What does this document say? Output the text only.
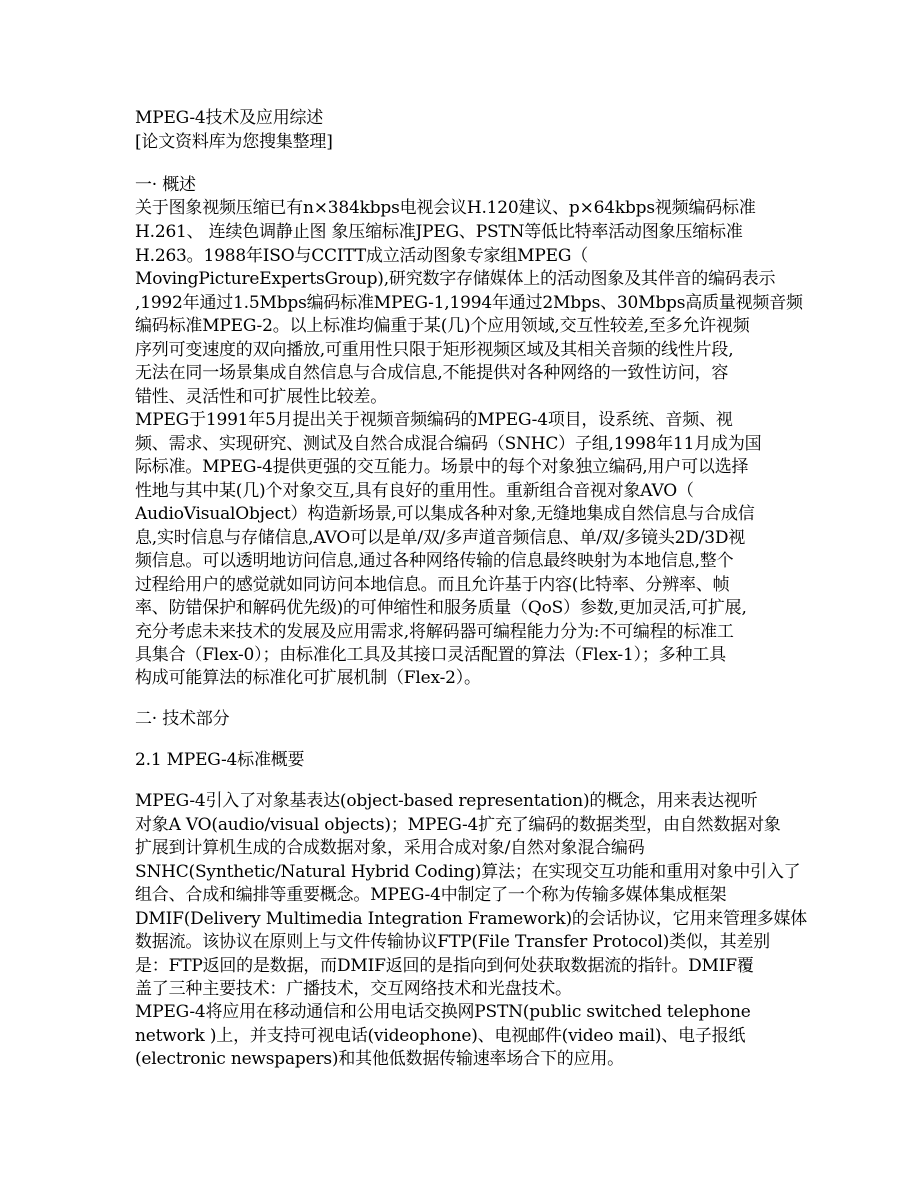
MPEG-4技术及应用综述
[论文资料库为您搜集整理]
一· 概述
关于图象视频压缩已有n×384kbps电视会议H.120建议、p×64kbps视频编码标准
H.261、 连续色调静止图 象压缩标准JPEG、PSTN等低比特率活动图象压缩标准
H.263。1988年ISO与CCITT成立活动图象专家组MPEG（
MovingPictureExpertsGroup),研究数字存储媒体上的活动图象及其伴音的编码表示
,1992年通过1.5Mbps编码标准MPEG-1,1994年通过2Mbps、30Mbps高质量视频音频
编码标准MPEG-2。以上标准均偏重于某(几)个应用领域,交互性较差,至多允许视频
序列可变速度的双向播放,可重用性只限于矩形视频区域及其相关音频的线性片段,
无法在同一场景集成自然信息与合成信息,不能提供对各种网络的一致性访问，容
错性、灵活性和可扩展性比较差。
MPEG于1991年5月提出关于视频音频编码的MPEG-4项目，设系统、音频、视
频、需求、实现研究、测试及自然合成混合编码（SNHC）子组,1998年11月成为国
际标准。MPEG-4提供更强的交互能力。场景中的每个对象独立编码,用户可以选择
性地与其中某(几)个对象交互,具有良好的重用性。重新组合音视对象AVO（
AudioVisualObject）构造新场景,可以集成各种对象,无缝地集成自然信息与合成信
息,实时信息与存储信息,AVO可以是单/双/多声道音频信息、单/双/多镜头2D/3D视
频信息。可以透明地访问信息,通过各种网络传输的信息最终映射为本地信息,整个
过程给用户的感觉就如同访问本地信息。而且允许基于内容(比特率、分辨率、帧
率、防错保护和解码优先级)的可伸缩性和服务质量（QoS）参数,更加灵活,可扩展,
充分考虑未来技术的发展及应用需求,将解码器可编程能力分为:不可编程的标准工
具集合（Flex-0）；由标准化工具及其接口灵活配置的算法（Flex-1）；多种工具
构成可能算法的标准化可扩展机制（Flex-2）。
二· 技术部分
2.1 MPEG-4标准概要
MPEG-4引入了对象基表达(object-based representation)的概念，用来表达视听
对象A VO(audio/visual objects)；MPEG-4扩充了编码的数据类型，由自然数据对象
扩展到计算机生成的合成数据对象，采用合成对象/自然对象混合编码
SNHC(Synthetic/Natural Hybrid Coding)算法；在实现交互功能和重用对象中引入了
组合、合成和编排等重要概念。MPEG-4中制定了一个称为传输多媒体集成框架
DMIF(Delivery Multimedia Integration Framework)的会话协议，它用来管理多媒体
数据流。该协议在原则上与文件传输协议FTP(File Transfer Protocol)类似，其差别
是：FTP返回的是数据，而DMIF返回的是指向到何处获取数据流的指针。DMIF覆
盖了三种主要技术：广播技术，交互网络技术和光盘技术。
MPEG-4将应用在移动通信和公用电话交换网PSTN(public switched telephone
network )上，并支持可视电话(videophone)、电视邮件(video mail)、电子报纸
(electronic newspapers)和其他低数据传输速率场合下的应用。
